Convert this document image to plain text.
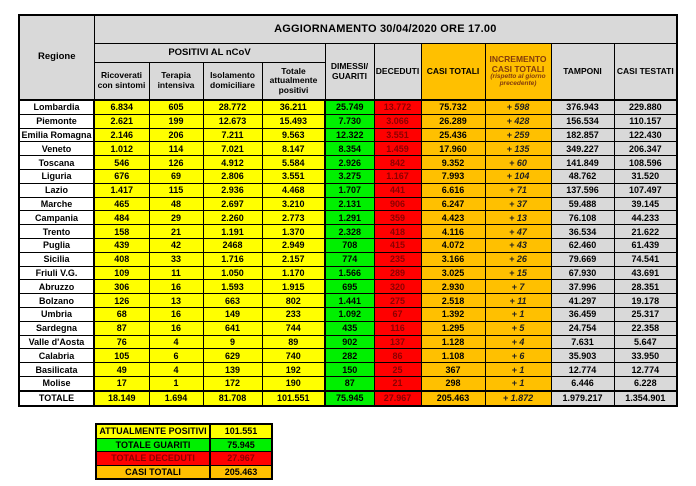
Regione	AGGIORNAMENTO 30/04/2020 ORE 17.00									
	POSITIVI AL nCoV				DIMESSI/ GUARITI	DECEDUTI	CASI TOTALI	INCREMENTO CASI TOTALI
(rispetto al giorno precedente)	TAMPONI	CASI TESTATI
	Ricoverati con sintomi	Terapia intensiva	Isolamento domiciliare	Totale attualmente positivi						
Lombardia	6.834	605	28.772	36.211	25.749	13.772	75.732	+ 598	376.943	229.880
Piemonte	2.621	199	12.673	15.493	7.730	3.066	26.289	+ 428	156.534	110.157
Emilia Romagna	2.146	206	7.211	9.563	12.322	3.551	25.436	+ 259	182.857	122.430
Veneto	1.012	114	7.021	8.147	8.354	1.459	17.960	+ 135	349.227	206.347
Toscana	546	126	4.912	5.584	2.926	842	9.352	+ 60	141.849	108.596
Liguria	676	69	2.806	3.551	3.275	1.167	7.993	+ 104	48.762	31.520
Lazio	1.417	115	2.936	4.468	1.707	441	6.616	+ 71	137.596	107.497
Marche	465	48	2.697	3.210	2.131	906	6.247	+ 37	59.488	39.145
Campania	484	29	2.260	2.773	1.291	359	4.423	+ 13	76.108	44.233
Trento	158	21	1.191	1.370	2.328	418	4.116	+ 47	36.534	21.622
Puglia	439	42	2468	2.949	708	415	4.072	+ 43	62.460	61.439
Sicilia	408	33	1.716	2.157	774	235	3.166	+ 26	79.669	74.541
Friuli V.G.	109	11	1.050	1.170	1.566	289	3.025	+ 15	67.930	43.691
Abruzzo	306	16	1.593	1.915	695	320	2.930	+ 7	37.996	28.351
Bolzano	126	13	663	802	1.441	275	2.518	+ 11	41.297	19.178
Umbria	68	16	149	233	1.092	67	1.392	+ 1	36.459	25.317
Sardegna	87	16	641	744	435	116	1.295	+ 5	24.754	22.358
Valle d'Aosta	76	4	9	89	902	137	1.128	+ 4	7.631	5.647
Calabria	105	6	629	740	282	86	1.108	+ 6	35.903	33.950
Basilicata	49	4	139	192	150	25	367	+ 1	12.774	12.774
Molise	17	1	172	190	87	21	298	+ 1	6.446	6.228
TOTALE	18.149	1.694	81.708	101.551	75.945	27.967	205.463	+ 1.872	1.979.217	1.354.901
ATTUALMENTE POSITIVI	101.551
TOTALE GUARITI	75.945
TOTALE DECEDUTI	27.967
CASI TOTALI	205.463
